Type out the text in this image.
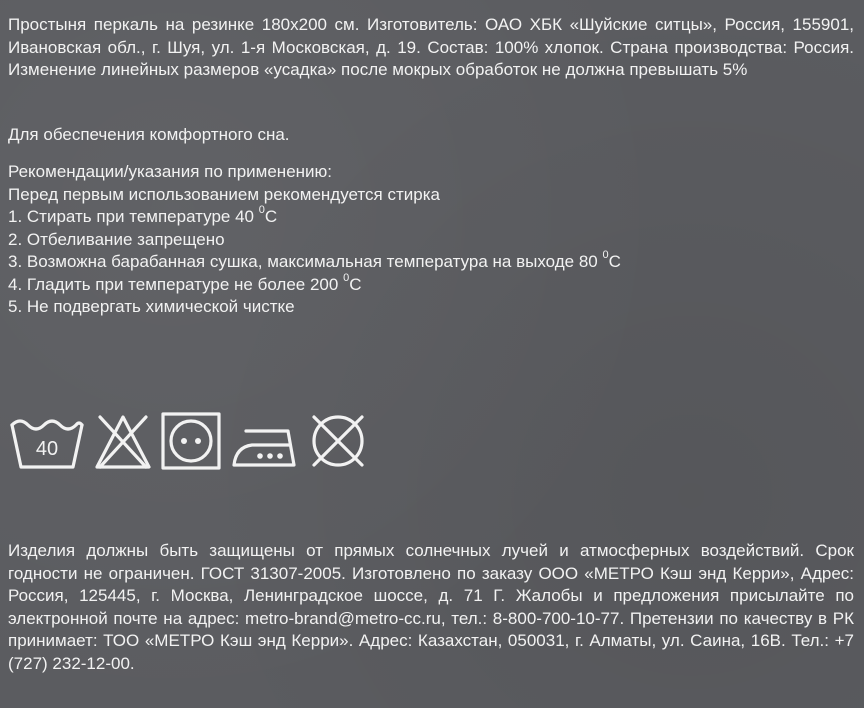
Простыня перкаль на резинке 180x200 см. Изготовитель: ОАО ХБК «Шуйские ситцы», Россия, 155901, Ивановская обл., г. Шуя, ул. 1-я Московская, д. 19. Состав: 100% хлопок. Страна производства: Россия. Изменение линейных размеров «усадка» после мокрых обработок не должна превышать 5%
Для обеспечения комфортного сна.
Рекомендации/указания по применению:
Перед первым использованием рекомендуется стирка
1. Стирать при температуре 40 $^0$С
2. Отбеливание запрещено
3. Возможна барабанная сушка, максимальная температура на выходе 80 $^0$С
4. Гладить при температуре не более 200 $^0$С
5. Не подвергать химической чистке
40
Изделия должны быть защищены от прямых солнечных лучей и атмосферных воздействий. Срок годности не ограничен. ГОСТ 31307-2005. Изготовлено по заказу ООО «МЕТРО Кэш энд Керри», Адрес: Россия, 125445, г. Москва, Ленинградское шоссе, д. 71 Г. Жалобы и предложения присылайте по электронной почте на адрес: metro-brand@metro-cc.ru, тел.: 8-800-700-10-77. Претензии по качеству в РК принимает: ТОО «МЕТРО Кэш энд Керри». Адрес: Казахстан, 050031, г. Алматы, ул. Саина, 16В. Тел.: +7 (727) 232-12-00.
